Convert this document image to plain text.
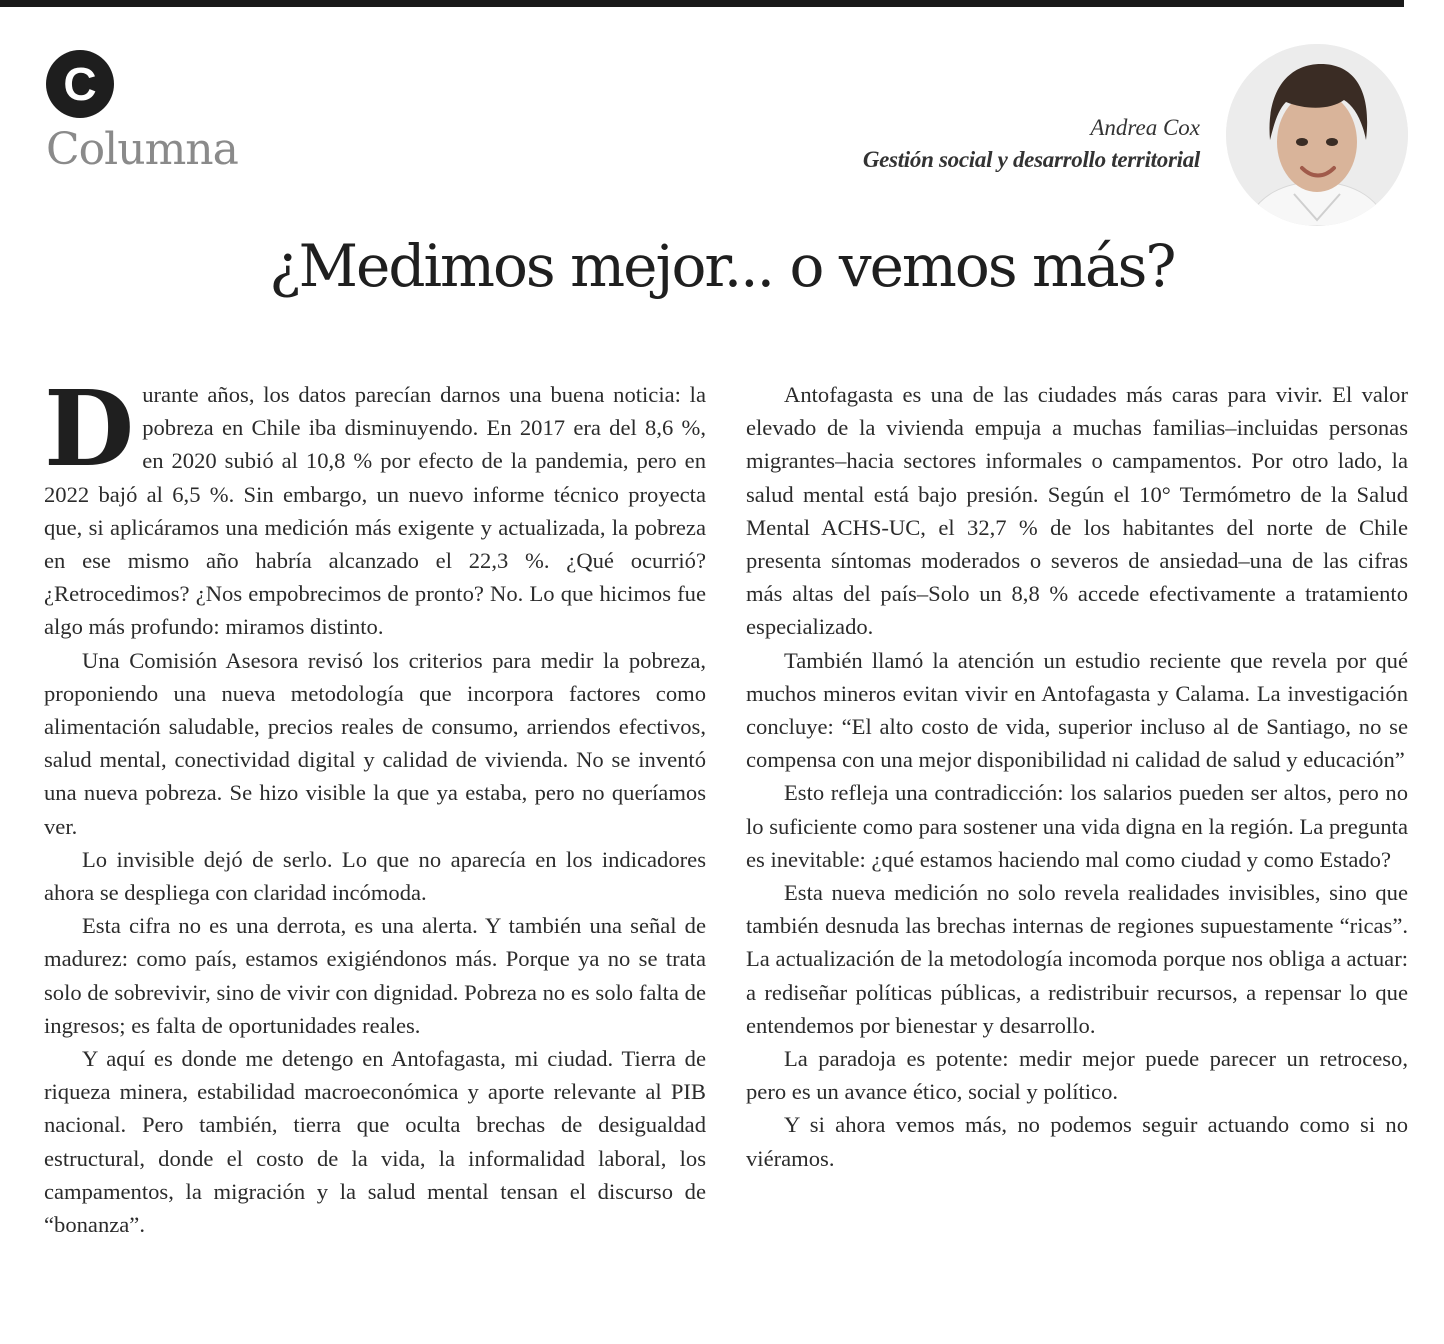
C
Columna	Andrea Cox
Gestión social y desarrollo territorial
¿Medimos mejor... o vemos más?

Durante años, los datos parecían darnos una buena noticia: la pobreza en Chile iba disminuyendo. En 2017 era del 8,6 %, en 2020 subió al 10,8 % por efecto de la pandemia, pero en 2022 bajó al 6,5 %. Sin embargo, un nuevo informe técnico proyecta que, si aplicáramos una medición más exigente y actualizada, la pobreza en ese mismo año habría alcanzado el 22,3 %. ¿Qué ocurrió? ¿Retrocedimos? ¿Nos empobrecimos de pronto? No. Lo que hicimos fue algo más profundo: miramos distinto.

Una Comisión Asesora revisó los criterios para medir la pobreza, proponiendo una nueva metodología que incorpora factores como alimentación saludable, precios reales de consumo, arriendos efectivos, salud mental, conectividad digital y calidad de vivienda. No se inventó una nueva pobreza. Se hizo visible la que ya estaba, pero no queríamos ver.

Lo invisible dejó de serlo. Lo que no aparecía en los indicadores ahora se despliega con claridad incómoda.

Esta cifra no es una derrota, es una alerta. Y también una señal de madurez: como país, estamos exigiéndonos más. Porque ya no se trata solo de sobrevivir, sino de vivir con dignidad. Pobreza no es solo falta de ingresos; es falta de oportunidades reales.

Y aquí es donde me detengo en Antofagasta, mi ciudad. Tierra de riqueza minera, estabilidad macroeconómica y aporte relevante al PIB nacional. Pero también, tierra que oculta brechas de desigualdad estructural, donde el costo de la vida, la informalidad laboral, los campamentos, la migración y la salud mental tensan el discurso de “bonanza”.

Antofagasta es una de las ciudades más caras para vivir. El valor elevado de la vivienda empuja a muchas familias–incluidas personas migrantes–hacia sectores informales o campamentos. Por otro lado, la salud mental está bajo presión. Según el 10° Termómetro de la Salud Mental ACHS-UC, el 32,7 % de los habitantes del norte de Chile presenta síntomas moderados o severos de ansiedad–una de las cifras más altas del país–Solo un 8,8 % accede efectivamente a tratamiento especializado.

También llamó la atención un estudio reciente que revela por qué muchos mineros evitan vivir en Antofagasta y Calama. La investigación concluye: “El alto costo de vida, superior incluso al de Santiago, no se compensa con una mejor disponibilidad ni calidad de salud y educación”

Esto refleja una contradicción: los salarios pueden ser altos, pero no lo suficiente como para sostener una vida digna en la región. La pregunta es inevitable: ¿qué estamos haciendo mal como ciudad y como Estado?

Esta nueva medición no solo revela realidades invisibles, sino que también desnuda las brechas internas de regiones supuestamente “ricas”. La actualización de la metodología incomoda porque nos obliga a actuar: a rediseñar políticas públicas, a redistribuir recursos, a repensar lo que entendemos por bienestar y desarrollo.

La paradoja es potente: medir mejor puede parecer un retroceso, pero es un avance ético, social y político.

Y si ahora vemos más, no podemos seguir actuando como si no viéramos.
